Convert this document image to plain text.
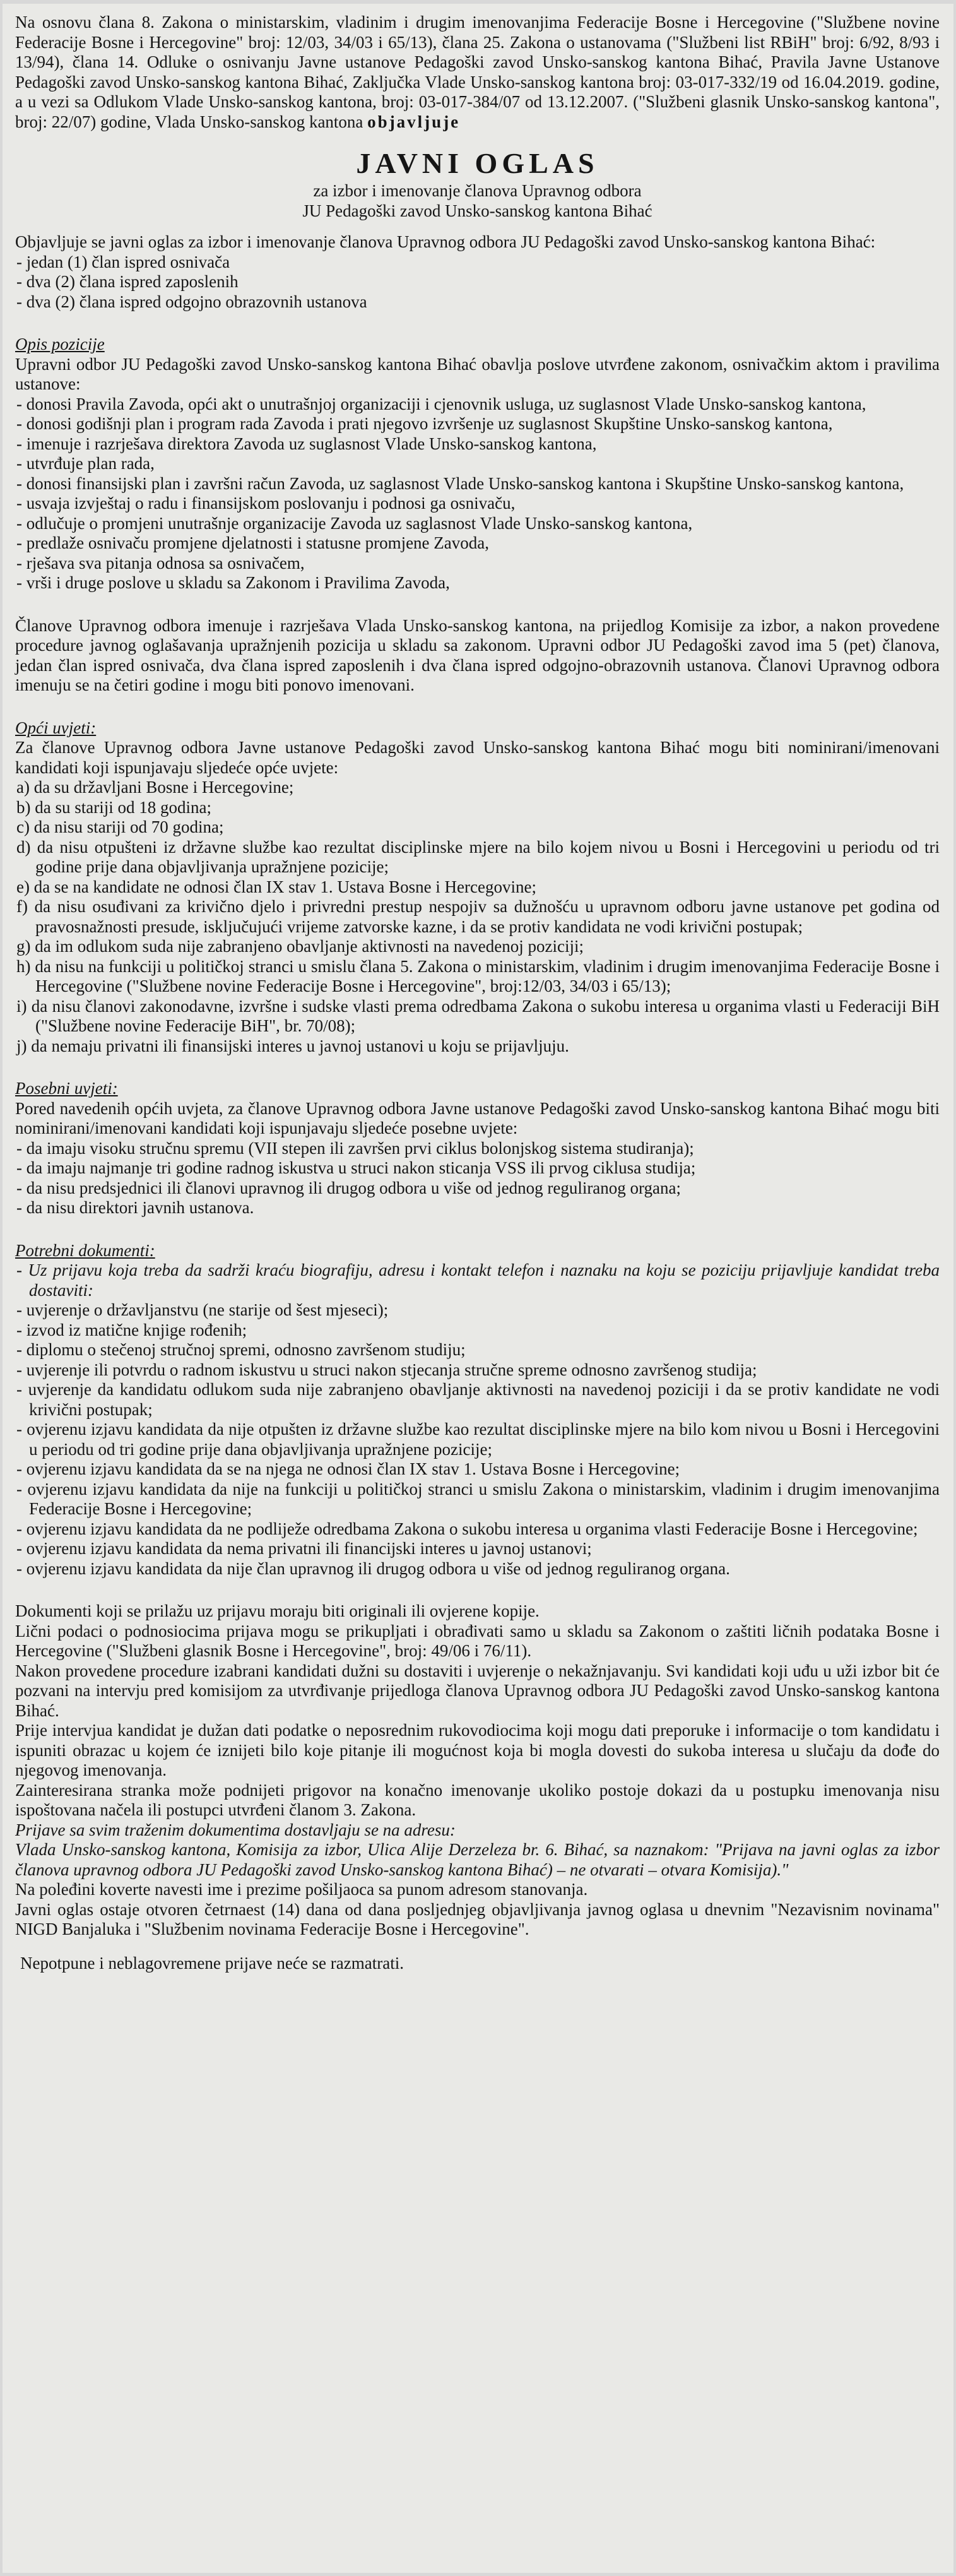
Na osnovu člana 8. Zakona o ministarskim, vladinim i drugim imenovanjima Federacije Bosne i Hercegovine ("Službene novine Federacije Bosne i Hercegovine" broj: 12/03, 34/03 i 65/13), člana 25. Zakona o ustanovama ("Službeni list RBiH" broj: 6/92, 8/93 i 13/94), člana 14. Odluke o osnivanju Javne ustanove Pedagoški zavod Unsko-sanskog kantona Bihać, Pravila Javne Ustanove Pedagoški zavod Unsko-sanskog kantona Bihać, Zaključka Vlade Unsko-sanskog kantona broj: 03-017-332/19 od 16.04.2019. godine, a u vezi sa Odlukom Vlade Unsko-sanskog kantona, broj: 03-017-384/07 od 13.12.2007. ("Službeni glasnik Unsko-sanskog kantona", broj: 22/07) godine, Vlada Unsko-sanskog kantona objavljuje

JAVNI OGLAS
za izbor i imenovanje članova Upravnog odbora
JU Pedagoški zavod Unsko-sanskog kantona Bihać

Objavljuje se javni oglas za izbor i imenovanje članova Upravnog odbora JU Pedagoški zavod Unsko-sanskog kantona Bihać:

- jedan (1) član ispred osnivača
- dva (2) člana ispred zaposlenih
- dva (2) člana ispred odgojno obrazovnih ustanova
Opis pozicije

Upravni odbor JU Pedagoški zavod Unsko-sanskog kantona Bihać obavlja poslove utvrđene zakonom, osnivačkim aktom i pravilima ustanove:

- donosi Pravila Zavoda, opći akt o unutrašnjoj organizaciji i cjenovnik usluga, uz suglasnost Vlade Unsko-sanskog kantona,
- donosi godišnji plan i program rada Zavoda i prati njegovo izvršenje uz suglasnost Skupštine Unsko-sanskog kantona,
- imenuje i razrješava direktora Zavoda uz suglasnost Vlade Unsko-sanskog kantona,
- utvrđuje plan rada,
- donosi finansijski plan i završni račun Zavoda, uz saglasnost Vlade Unsko-sanskog kantona i Skupštine Unsko-sanskog kantona,
- usvaja izvještaj o radu i finansijskom poslovanju i podnosi ga osnivaču,
- odlučuje o promjeni unutrašnje organizacije Zavoda uz saglasnost Vlade Unsko-sanskog kantona,
- predlaže osnivaču promjene djelatnosti i statusne promjene Zavoda,
- rješava sva pitanja odnosa sa osnivačem,
- vrši i druge poslove u skladu sa Zakonom i Pravilima Zavoda,

Članove Upravnog odbora imenuje i razrješava Vlada Unsko-sanskog kantona, na prijedlog Komisije za izbor, a nakon provedene procedure javnog oglašavanja upražnjenih pozicija u skladu sa zakonom. Upravni odbor JU Pedagoški zavod ima 5 (pet) članova, jedan član ispred osnivača, dva člana ispred zaposlenih i dva člana ispred odgojno-obrazovnih ustanova. Članovi Upravnog odbora imenuju se na četiri godine i mogu biti ponovo imenovani.

Opći uvjeti:

Za članove Upravnog odbora Javne ustanove Pedagoški zavod Unsko-sanskog kantona Bihać mogu biti nominirani/imenovani kandidati koji ispunjavaju sljedeće opće uvjete:

a) da su državljani Bosne i Hercegovine;
b) da su stariji od 18 godina;
c) da nisu stariji od 70 godina;
d) da nisu otpušteni iz državne službe kao rezultat disciplinske mjere na bilo kojem nivou u Bosni i Hercegovini u periodu od tri godine prije dana objavljivanja upražnjene pozicije;
e) da se na kandidate ne odnosi član IX stav 1. Ustava Bosne i Hercegovine;
f) da nisu osuđivani za krivično djelo i privredni prestup nespojiv sa dužnošću u upravnom odboru javne ustanove pet godina od pravosnažnosti presude, isključujući vrijeme zatvorske kazne, i da se protiv kandidata ne vodi krivični postupak;
g) da im odlukom suda nije zabranjeno obavljanje aktivnosti na navedenoj poziciji;
h) da nisu na funkciji u političkoj stranci u smislu člana 5. Zakona o ministarskim, vladinim i drugim imenovanjima Federacije Bosne i Hercegovine ("Službene novine Federacije Bosne i Hercegovine", broj:12/03, 34/03 i 65/13);
i) da nisu članovi zakonodavne, izvršne i sudske vlasti prema odredbama Zakona o sukobu interesa u organima vlasti u Federaciji BiH ("Službene novine Federacije BiH", br. 70/08);
j) da nemaju privatni ili finansijski interes u javnoj ustanovi u koju se prijavljuju.
Posebni uvjeti:

Pored navedenih općih uvjeta, za članove Upravnog odbora Javne ustanove Pedagoški zavod Unsko-sanskog kantona Bihać mogu biti nominirani/imenovani kandidati koji ispunjavaju sljedeće posebne uvjete:

- da imaju visoku stručnu spremu (VII stepen ili završen prvi ciklus bolonjskog sistema studiranja);
- da imaju najmanje tri godine radnog iskustva u struci nakon sticanja VSS ili prvog ciklusa studija;
- da nisu predsjednici ili članovi upravnog ili drugog odbora u više od jednog reguliranog organa;
- da nisu direktori javnih ustanova.
Potrebni dokumenti:
- Uz prijavu koja treba da sadrži kraću biografiju, adresu i kontakt telefon i naznaku na koju se poziciju prijavljuje kandidat treba dostaviti:
- uvjerenje o državljanstvu (ne starije od šest mjeseci);
- izvod iz matične knjige rođenih;
- diplomu o stečenoj stručnoj spremi, odnosno završenom studiju;
- uvjerenje ili potvrdu o radnom iskustvu u struci nakon stjecanja stručne spreme odnosno završenog studija;
- uvjerenje da kandidatu odlukom suda nije zabranjeno obavljanje aktivnosti na navedenoj poziciji i da se protiv kandidate ne vodi krivični postupak;
- ovjerenu izjavu kandidata da nije otpušten iz državne službe kao rezultat disciplinske mjere na bilo kom nivou u Bosni i Hercegovini u periodu od tri godine prije dana objavljivanja upražnjene pozicije;
- ovjerenu izjavu kandidata da se na njega ne odnosi član IX stav 1. Ustava Bosne i Hercegovine;
- ovjerenu izjavu kandidata da nije na funkciji u političkoj stranci u smislu Zakona o ministarskim, vladinim i drugim imenovanjima Federacije Bosne i Hercegovine;
- ovjerenu izjavu kandidata da ne podliježe odredbama Zakona o sukobu interesa u organima vlasti Federacije Bosne i Hercegovine;
- ovjerenu izjavu kandidata da nema privatni ili financijski interes u javnoj ustanovi;
- ovjerenu izjavu kandidata da nije član upravnog ili drugog odbora u više od jednog reguliranog organa.

Dokumenti koji se prilažu uz prijavu moraju biti originali ili ovjerene kopije.

Lični podaci o podnosiocima prijava mogu se prikupljati i obrađivati samo u skladu sa Zakonom o zaštiti ličnih podataka Bosne i Hercegovine ("Službeni glasnik Bosne i Hercegovine", broj: 49/06 i 76/11).

Nakon provedene procedure izabrani kandidati dužni su dostaviti i uvjerenje o nekažnjavanju. Svi kandidati koji uđu u uži izbor bit će pozvani na intervju pred komisijom za utvrđivanje prijedloga članova Upravnog odbora JU Pedagoški zavod Unsko-sanskog kantona Bihać.

Prije intervjua kandidat je dužan dati podatke o neposrednim rukovodiocima koji mogu dati preporuke i informacije o tom kandidatu i ispuniti obrazac u kojem će iznijeti bilo koje pitanje ili mogućnost koja bi mogla dovesti do sukoba interesa u slučaju da dođe do njegovog imenovanja.

Zainteresirana stranka može podnijeti prigovor na konačno imenovanje ukoliko postoje dokazi da u postupku imenovanja nisu ispoštovana načela ili postupci utvrđeni članom 3. Zakona.

Prijave sa svim traženim dokumentima dostavljaju se na adresu:

Vlada Unsko-sanskog kantona, Komisija za izbor, Ulica Alije Derzeleza br. 6. Bihać, sa naznakom: "Prijava na javni oglas za izbor članova upravnog odbora JU Pedagoški zavod Unsko-sanskog kantona Bihać) – ne otvarati – otvara Komisija)."

Na poleđini koverte navesti ime i prezime pošiljaoca sa punom adresom stanovanja.

Javni oglas ostaje otvoren četrnaest (14) dana od dana posljednjeg objavljivanja javnog oglasa u dnevnim "Nezavisnim novinama" NIGD Banjaluka i "Službenim novinama Federacije Bosne i Hercegovine".

Nepotpune i neblagovremene prijave neće se razmatrati.
